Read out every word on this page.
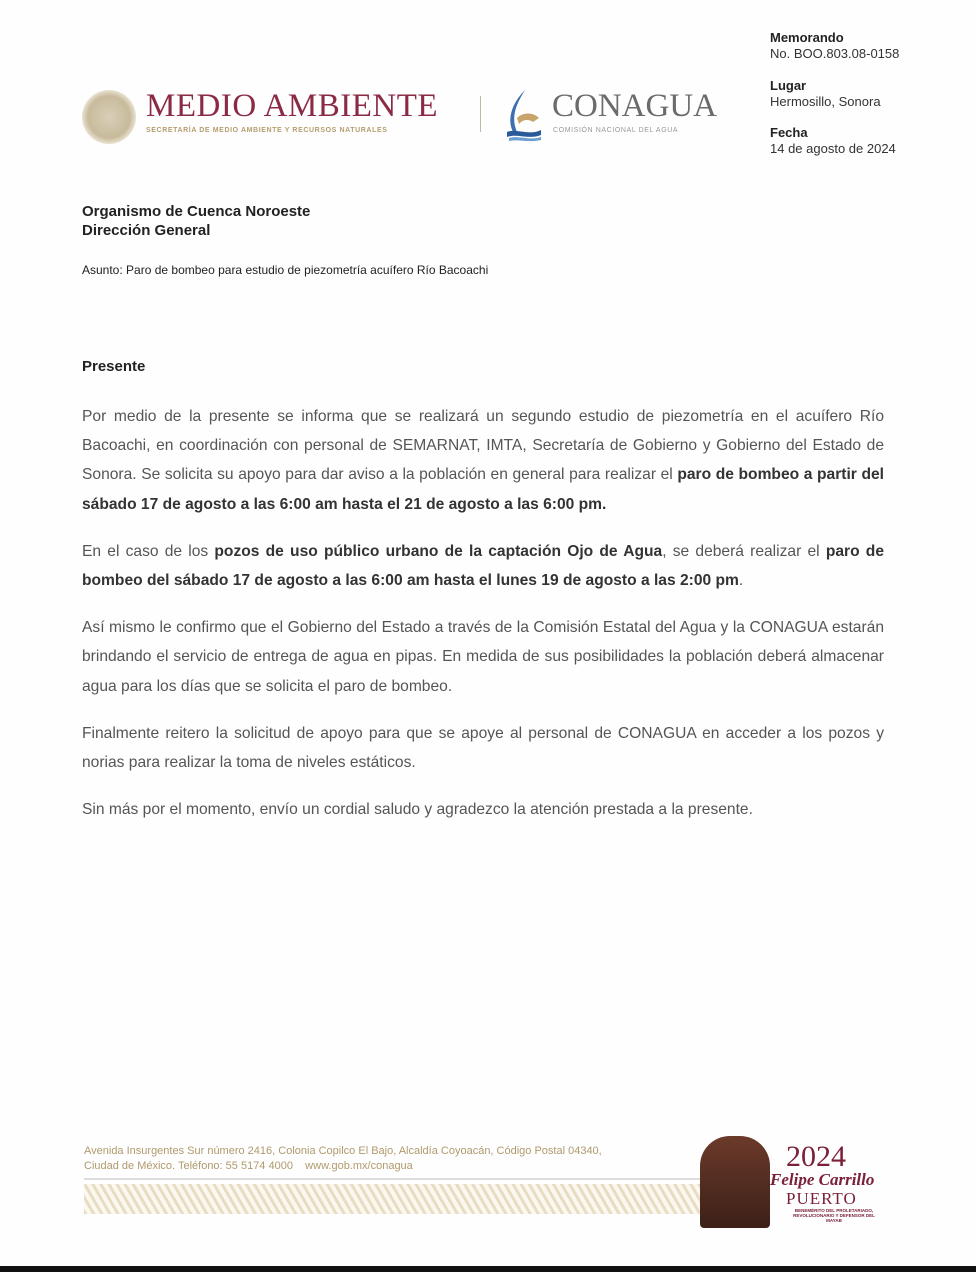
Memorando
No. BOO.803.08-0158
Lugar
Hermosillo, Sonora
Fecha
14 de agosto de 2024
MEDIO AMBIENTE
SECRETARÍA DE MEDIO AMBIENTE Y RECURSOS NATURALES
CONAGUA
COMISIÓN NACIONAL DEL AGUA
Organismo de Cuenca Noroeste
Dirección General
Asunto: Paro de bombeo para estudio de piezometría acuífero Río Bacoachi
Presente

Por medio de la presente se informa que se realizará un segundo estudio de piezometría en el acuífero Río Bacoachi, en coordinación con personal de SEMARNAT, IMTA, Secretaría de Gobierno y Gobierno del Estado de Sonora. Se solicita su apoyo para dar aviso a la población en general para realizar el paro de bombeo a partir del sábado 17 de agosto a las 6:00 am hasta el 21 de agosto a las 6:00 pm.

En el caso de los pozos de uso público urbano de la captación Ojo de Agua, se deberá realizar el paro de bombeo del sábado 17 de agosto a las 6:00 am hasta el lunes 19 de agosto a las 2:00 pm.

Así mismo le confirmo que el Gobierno del Estado a través de la Comisión Estatal del Agua y la CONAGUA estarán brindando el servicio de entrega de agua en pipas. En medida de sus posibilidades la población deberá almacenar agua para los días que se solicita el paro de bombeo.

Finalmente reitero la solicitud de apoyo para que se apoye al personal de CONAGUA en acceder a los pozos y norias para realizar la toma de niveles estáticos.

Sin más por el momento, envío un cordial saludo y agradezco la atención prestada a la presente.

Avenida Insurgentes Sur número 2416, Colonia Copilco El Bajo, Alcaldía Coyoacán, Código Postal 04340,
Ciudad de México. Teléfono: 55 5174 4000    www.gob.mx/conagua	2024
Felipe Carrillo
PUERTO
BENEMÉRITO DEL PROLETARIADO, REVOLUCIONARIO Y DEFENSOR DEL MAYAB
